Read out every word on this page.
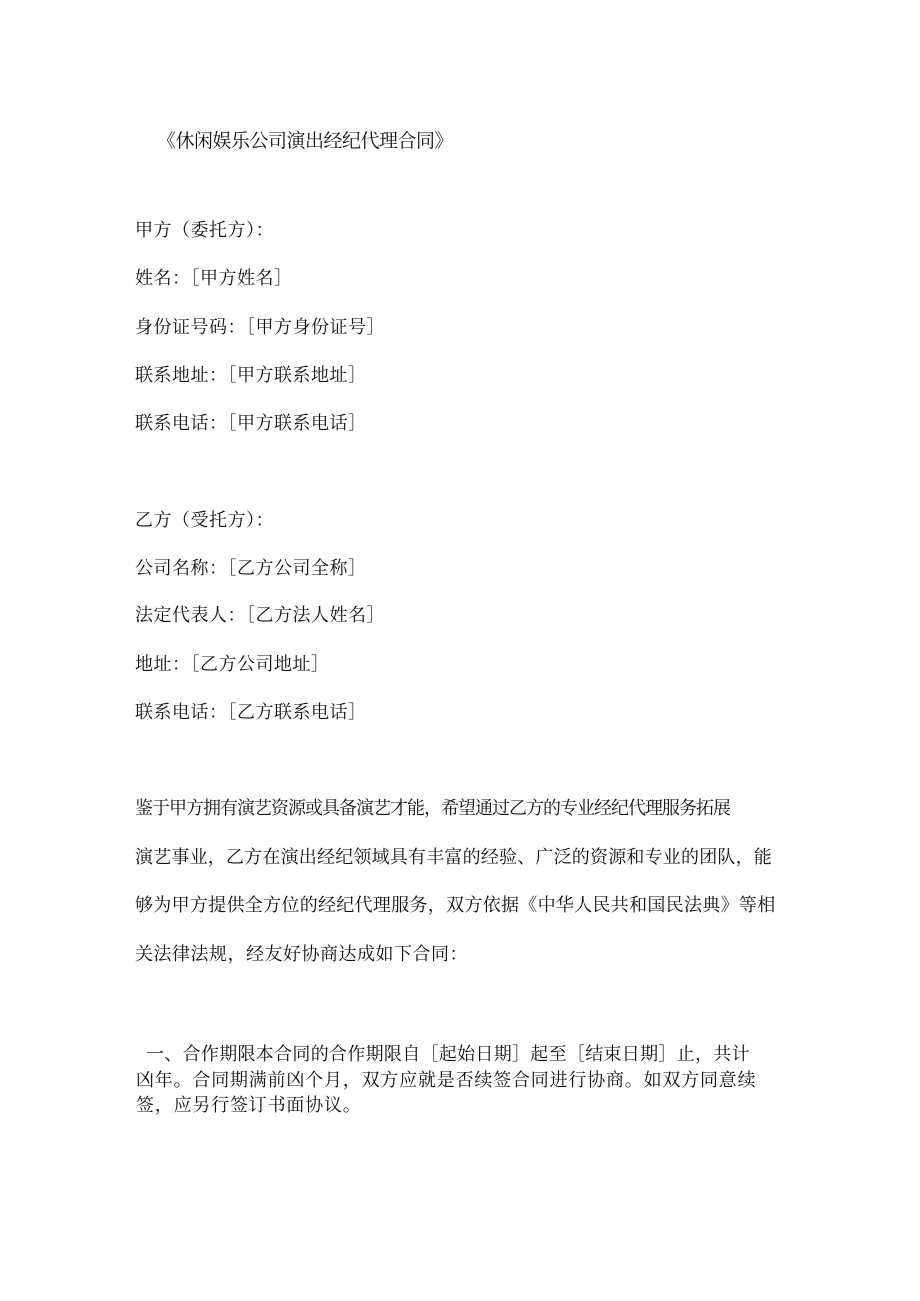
《休闲娱乐公司演出经纪代理合同》
甲方（委托方）：
姓名：［甲方姓名］
身份证号码：［甲方身份证号］
联系地址：［甲方联系地址］
联系电话：［甲方联系电话］
乙方（受托方）：
公司名称：［乙方公司全称］
法定代表人：［乙方法人姓名］
地址：［乙方公司地址］
联系电话：［乙方联系电话］
鉴于甲方拥有演艺资源或具备演艺才能，希望通过乙方的专业经纪代理服务拓展
演艺事业，乙方在演出经纪领域具有丰富的经验、广泛的资源和专业的团队，能
够为甲方提供全方位的经纪代理服务，双方依据《中华人民共和国民法典》等相
关法律法规，经友好协商达成如下合同：
一、合作期限本合同的合作期限自［起始日期］起至［结束日期］止，共计
凶年。合同期满前凶个月，双方应就是否续签合同进行协商。如双方同意续
签，应另行签订书面协议。
